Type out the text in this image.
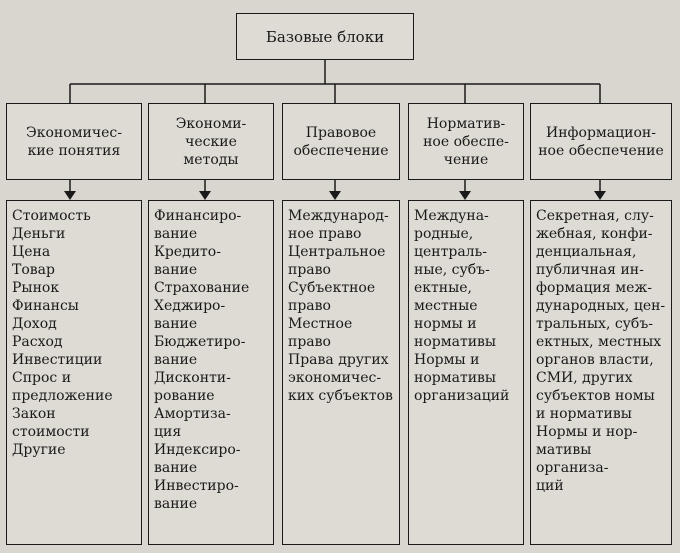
Базовые блоки
Экономичес-
кие понятия
Экономи-
ческие
методы
Правовое
обеспечение
Норматив-
ное обеспе-
чение
Информацион-
ное обеспечение
Стоимость
Деньги
Цена
Товар
Рынок
Финансы
Доход
Расход
Инвестиции
Спрос и
предложение
Закон
стоимости
Другие
Финансиро-
вание
Кредито-
вание
Страхование
Хеджиро-
вание
Бюджетиро-
вание
Дисконти-
рование
Амортиза-
ция
Индексиро-
вание
Инвестиро-
вание
Международ-
ное право
Центральное
право
Субъектное
право
Местное
право
Права других
экономичес-
ких субъектов
Междуна-
родные,
централь-
ные, субъ-
ектные,
местные
нормы и
нормативы
Нормы и
нормативы
организаций
Секретная, слу-
жебная, конфи-
денциальная,
публичная ин-
формация меж-
дународных, цен-
тральных, субъ-
ектных, местных
органов власти,
СМИ, других
субъектов номы
и нормативы
Нормы и нор-
мативы организа-
ций
